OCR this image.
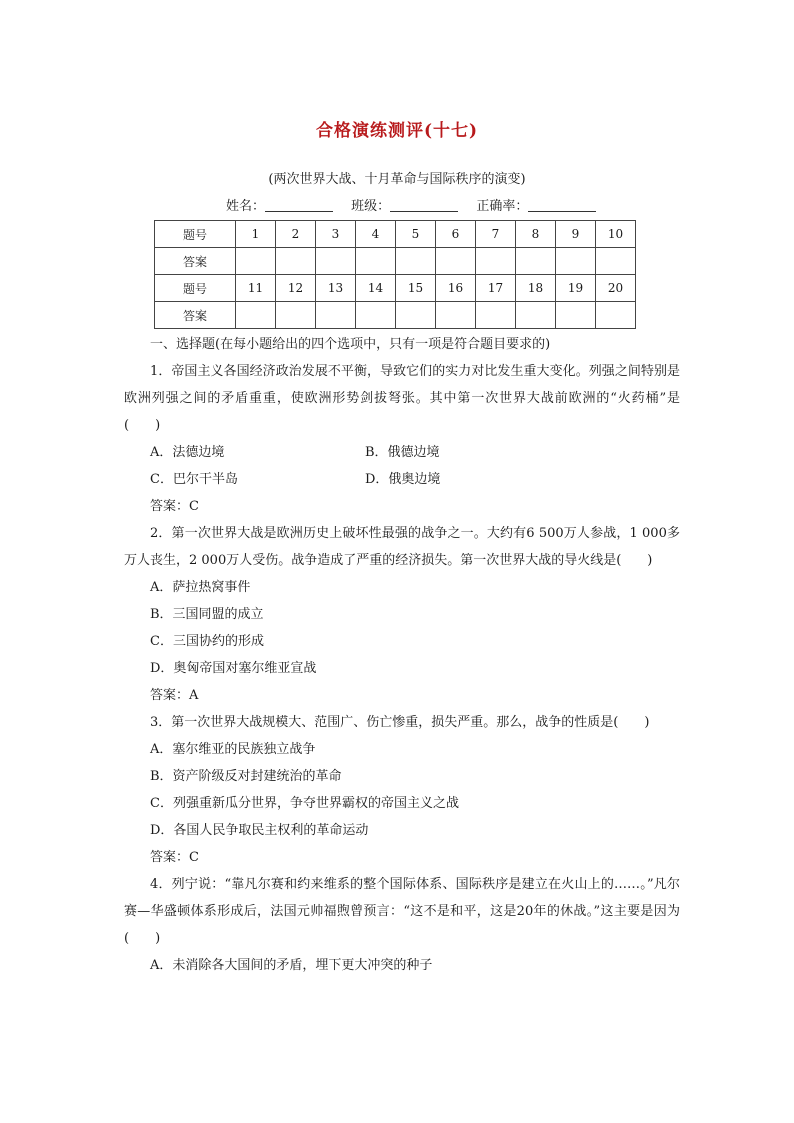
合格演练测评(十七)
(两次世界大战、十月革命与国际秩序的演变)
姓名：	班级：	正确率：
题号	1	2	3	4	5	6	7	8	9	10
答案										
题号	11	12	13	14	15	16	17	18	19	20
答案										

一、选择题(在每小题给出的四个选项中，只有一项是符合题目要求的)

1．帝国主义各国经济政治发展不平衡，导致它们的实力对比发生重大变化。列强之间特别是欧洲列强之间的矛盾重重，使欧洲形势剑拔弩张。其中第一次世界大战前欧洲的“火药桶”是(　　)

A．法德边境	B．俄德边境
C．巴尔干半岛	D．俄奥边境

答案：C

2．第一次世界大战是欧洲历史上破坏性最强的战争之一。大约有6 500万人参战，1 000多万人丧生，2 000万人受伤。战争造成了严重的经济损失。第一次世界大战的导火线是(　　)

A．萨拉热窝事件

B．三国同盟的成立

C．三国协约的形成

D．奥匈帝国对塞尔维亚宣战

答案：A

3．第一次世界大战规模大、范围广、伤亡惨重，损失严重。那么，战争的性质是(　　)

A．塞尔维亚的民族独立战争

B．资产阶级反对封建统治的革命

C．列强重新瓜分世界，争夺世界霸权的帝国主义之战

D．各国人民争取民主权利的革命运动

答案：C

4．列宁说：“靠凡尔赛和约来维系的整个国际体系、国际秩序是建立在火山上的……。”凡尔赛—华盛顿体系形成后，法国元帅福煦曾预言：“这不是和平，这是20年的休战。”这主要是因为(　　)

A．未消除各大国间的矛盾，埋下更大冲突的种子
